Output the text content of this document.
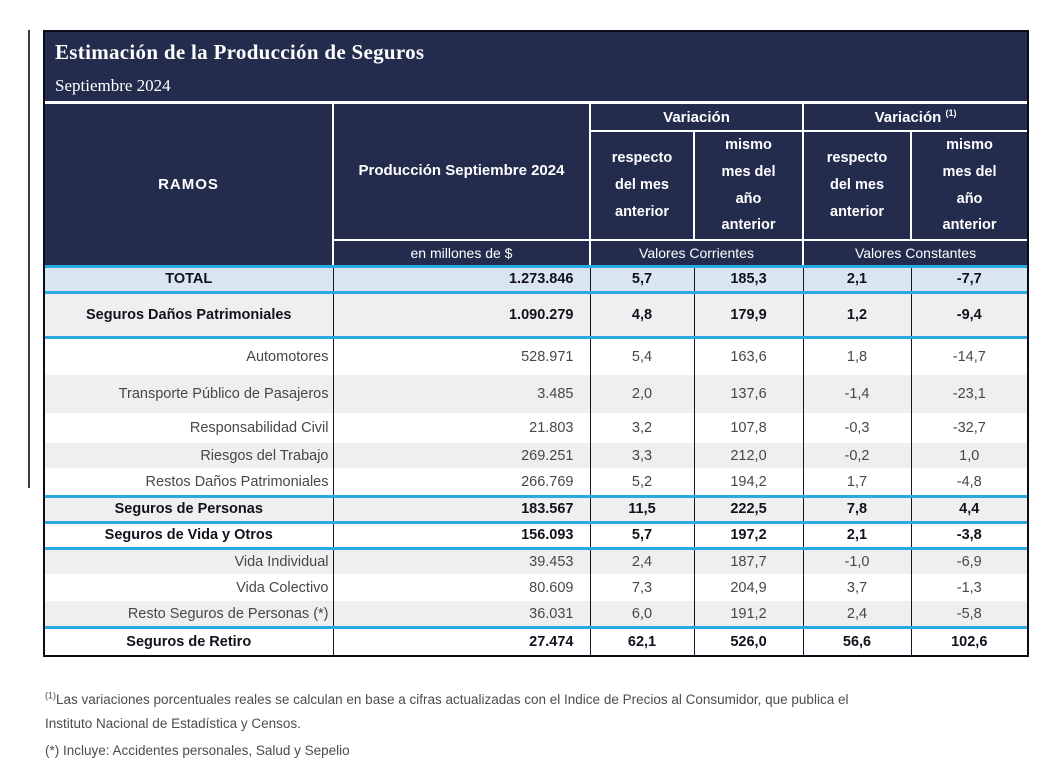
Estimación de la Producción de Seguros
Septiembre 2024
RAMOS	Producción Septiembre 2024	Variación		Variación $^{(1)}$
		respecto del mes anterior	mismo mes del año anterior	respecto del mes anterior	mismo mes del año anterior
	en millones de $	Valores Corrientes		Valores Constantes	
TOTAL	1.273.846	5,7	185,3	2,1	-7,7
Seguros Daños Patrimoniales	1.090.279	4,8	179,9	1,2	-9,4
Automotores	528.971	5,4	163,6	1,8	-14,7
Transporte Público de Pasajeros	3.485	2,0	137,6	-1,4	-23,1
Responsabilidad Civil	21.803	3,2	107,8	-0,3	-32,7
Riesgos del Trabajo	269.251	3,3	212,0	-0,2	1,0
Restos Daños Patrimoniales	266.769	5,2	194,2	1,7	-4,8
Seguros de Personas	183.567	11,5	222,5	7,8	4,4
Seguros de Vida y Otros	156.093	5,7	197,2	2,1	-3,8
Vida Individual	39.453	2,4	187,7	-1,0	-6,9
Vida Colectivo	80.609	7,3	204,9	3,7	-1,3
Resto Seguros de Personas (*)	36.031	6,0	191,2	2,4	-5,8
Seguros de Retiro	27.474	62,1	526,0	56,6	102,6

$^{(1)}$Las variaciones porcentuales reales se calculan en base a cifras actualizadas con el Indice de Precios al Consumidor, que publica el
Instituto Nacional de Estadística y Censos.

(*) Incluye: Accidentes personales, Salud y Sepelio
